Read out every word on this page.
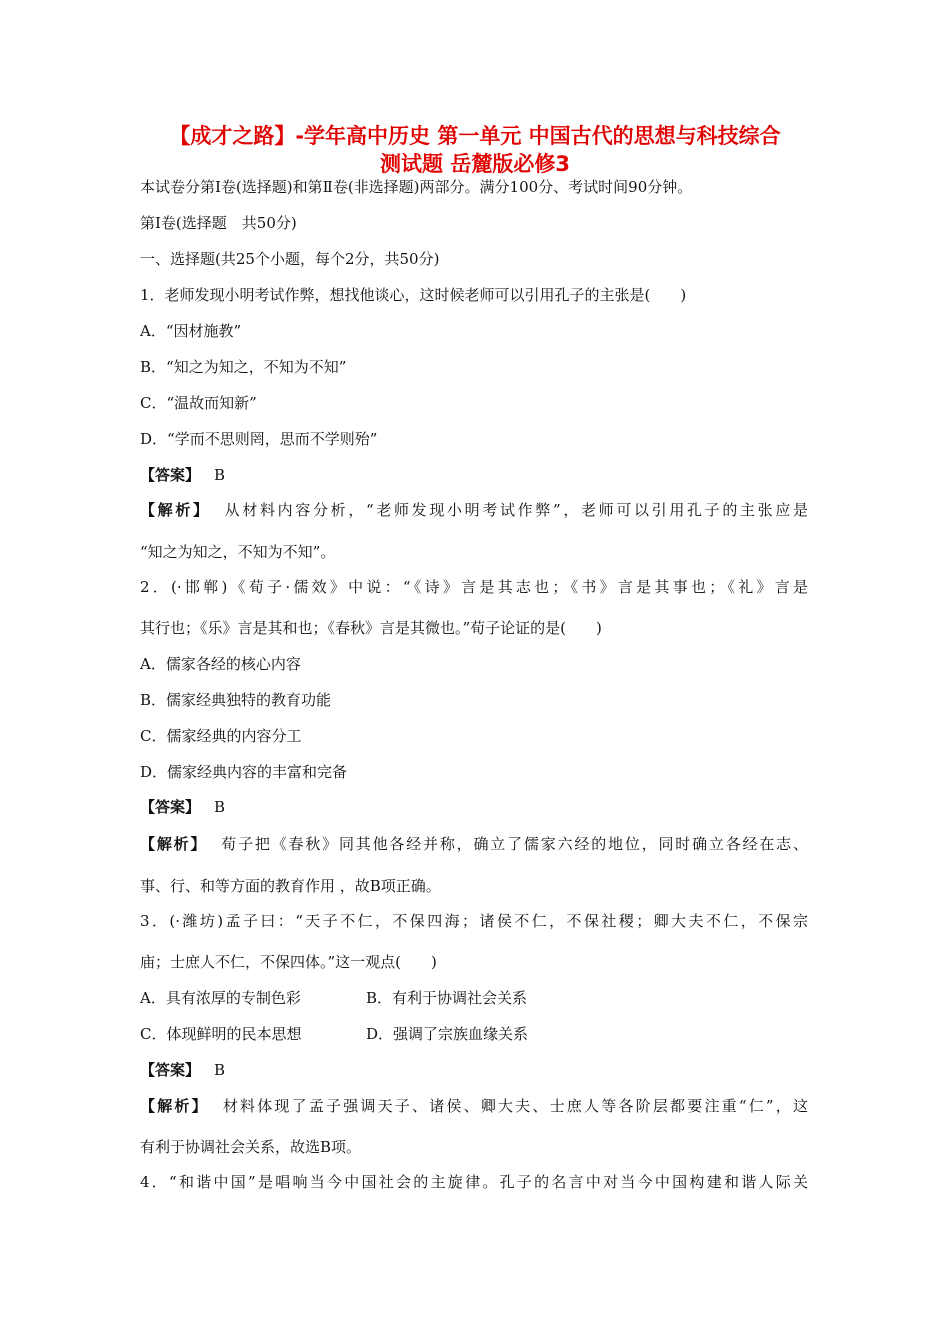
【成才之路】-学年高中历史 第一单元 中国古代的思想与科技综合
测试题 岳麓版必修3
本试卷分第Ⅰ卷(选择题)和第Ⅱ卷(非选择题)两部分。满分100分、考试时间90分钟。
第Ⅰ卷(选择题　共50分)
一、选择题(共25个小题，每个2分，共50分)
1．老师发现小明考试作弊，想找他谈心，这时候老师可以引用孔子的主张是(　　)
A．“因材施教”
B．“知之为知之，不知为不知”
C．“温故而知新”
D．“学而不思则罔，思而不学则殆”
【答案】 B
【解析】 从材料内容分析，“老师发现小明考试作弊”，老师可以引用孔子的主张应是
“知之为知之，不知为不知”。
2．(·邯郸)《荀子·儒效》中说：“《诗》言是其志也；《书》言是其事也；《礼》言是
其行也；《乐》言是其和也；《春秋》言是其微也。”荀子论证的是(　　)
A．儒家各经的核心内容
B．儒家经典独特的教育功能
C．儒家经典的内容分工
D．儒家经典内容的丰富和完备
【答案】 B
【解析】 荀子把《春秋》同其他各经并称，确立了儒家六经的地位，同时确立各经在志、
事、行、和等方面的教育作用 ，故B项正确。
3．(·潍坊)孟子曰：“天子不仁，不保四海；诸侯不仁，不保社稷；卿大夫不仁，不保宗
庙；士庶人不仁，不保四体。”这一观点(　　)
A．具有浓厚的专制色彩	B．有利于协调社会关系
C．体现鲜明的民本思想	D．强调了宗族血缘关系
【答案】 B
【解析】 材料体现了孟子强调天子、诸侯、卿大夫、士庶人等各阶层都要注重“仁”，这
有利于协调社会关系，故选B项。
4．“和谐中国”是唱响当今中国社会的主旋律。孔子的名言中对当今中国构建和谐人际关
